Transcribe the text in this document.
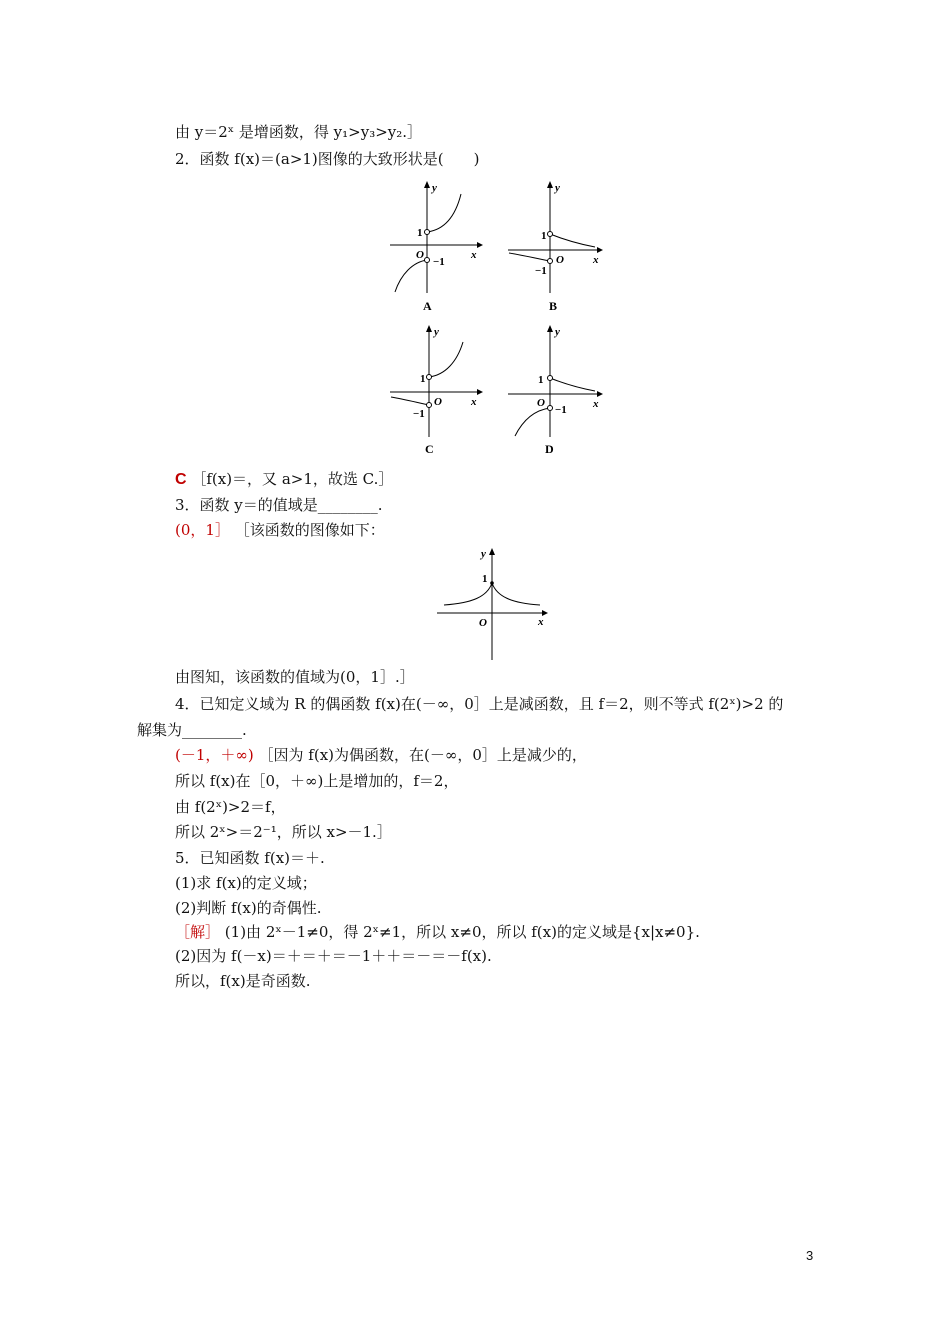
由 y＝2ˣ 是增函数，得 y₁>y₃>y₂.］
2．函数 f(x)＝(a>1)图像的大致形状是(　　)
y
x
O
1
−1
A
y
x
O
1
−1
B
y
x
O
1
−1
C
y
x
O
1
−1
D
C ［f(x)＝，又 a>1，故选 C.］
3．函数 y＝的值域是________.
(0，1］ ［该函数的图像如下：
y
x
O
1
由图知，该函数的值域为(0，1］.］
4．已知定义域为 R 的偶函数 f(x)在(－∞，0］上是减函数，且 f＝2，则不等式 f(2ˣ)>2 的
解集为________.
(－1，＋∞) ［因为 f(x)为偶函数，在(－∞，0］上是减少的，
所以 f(x)在［0，＋∞)上是增加的，f＝2，
由 f(2ˣ)>2＝f，
所以 2ˣ>＝2⁻¹，所以 x>－1.］
5．已知函数 f(x)＝＋.
(1)求 f(x)的定义域；
(2)判断 f(x)的奇偶性.
［解］ (1)由 2ˣ－1≠0，得 2ˣ≠1，所以 x≠0，所以 f(x)的定义域是{x|x≠0}.
(2)因为 f(－x)＝＋＝＋＝－1＋＋＝－＝－f(x).
所以，f(x)是奇函数.
3
